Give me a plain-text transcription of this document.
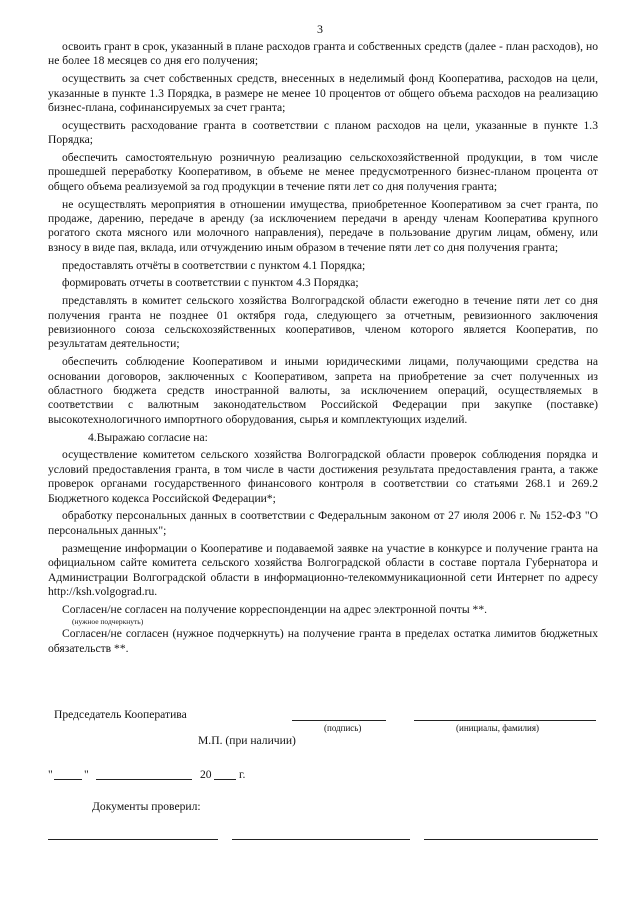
3

освоить грант в срок, указанный в плане расходов гранта и собственных средств (далее - план расходов), но не более 18 месяцев со дня его получения;

осуществить за счет собственных средств, внесенных в неделимый фонд Кооператива, расходов на цели, указанные в пункте 1.3 Порядка, в размере не менее 10 процентов от общего объема расходов на реализацию бизнес-плана, софинансируемых за счет гранта;

осуществить расходование гранта в соответствии с планом расходов на цели, указанные в пункте 1.3 Порядка;

обеспечить самостоятельную розничную реализацию сельскохозяйственной продукции, в том числе прошедшей переработку Кооперативом, в объеме не менее предусмотренного бизнес-планом процента от общего объема реализуемой за год продукции в течение пяти лет со дня получения гранта;

не осуществлять мероприятия в отношении имущества, приобретенное Кооперативом за счет гранта, по продаже, дарению, передаче в аренду (за исключением передачи в аренду членам Кооператива крупного рогатого скота мясного или молочного направления), передаче в пользование другим лицам, обмену, или взносу в виде пая, вклада, или отчуждению иным образом в течение пяти лет со дня получения гранта;

предоставлять отчёты в соответствии с пунктом 4.1 Порядка;

формировать отчеты в соответствии с пунктом 4.3 Порядка;

представлять в комитет сельского хозяйства Волгоградской области ежегодно в течение пяти лет со дня получения гранта не позднее 01 октября года, следующего за отчетным, ревизионного заключения ревизионного союза сельскохозяйственных кооперативов, членом которого является Кооператив, по результатам деятельности;

обеспечить соблюдение Кооперативом и иными юридическими лицами, получающими средства на основании договоров, заключенных с Кооперативом, запрета на приобретение за счет полученных из областного бюджета средств иностранной валюты, за исключением операций, осуществляемых в соответствии с валютным законодательством Российской Федерации при закупке (поставке) высокотехнологичного импортного оборудования, сырья и комплектующих изделий.

4.Выражаю согласие на:

осуществление комитетом сельского хозяйства Волгоградской области проверок соблюдения порядка и условий предоставления гранта, в том числе в части достижения результата предоставления гранта, а также проверок органами государственного финансового контроля в соответствии со статьями 268.1 и 269.2 Бюджетного кодекса Российской Федерации*;

обработку персональных данных в соответствии с Федеральным законом от 27 июля 2006 г. № 152-ФЗ "О персональных данных";

размещение информации о Кооперативе и подаваемой заявке на участие в конкурсе и получение гранта на официальном сайте комитета сельского хозяйства Волгоградской области в составе портала Губернатора и Администрации Волгоградской области в информационно-телекоммуникационной сети Интернет по адресу http://ksh.volgograd.ru.

Согласен/не согласен на получение корреспонденции на адрес электронной почты **.

(нужное подчеркнуть)

Согласен/не согласен (нужное подчеркнуть) на получение гранта в пределах остатка лимитов бюджетных обязательств **.

Председатель Кооператива
(подпись)	(инициалы, фамилия)
М.П. (при наличии)
"	"	20 г.
Документы проверил:
